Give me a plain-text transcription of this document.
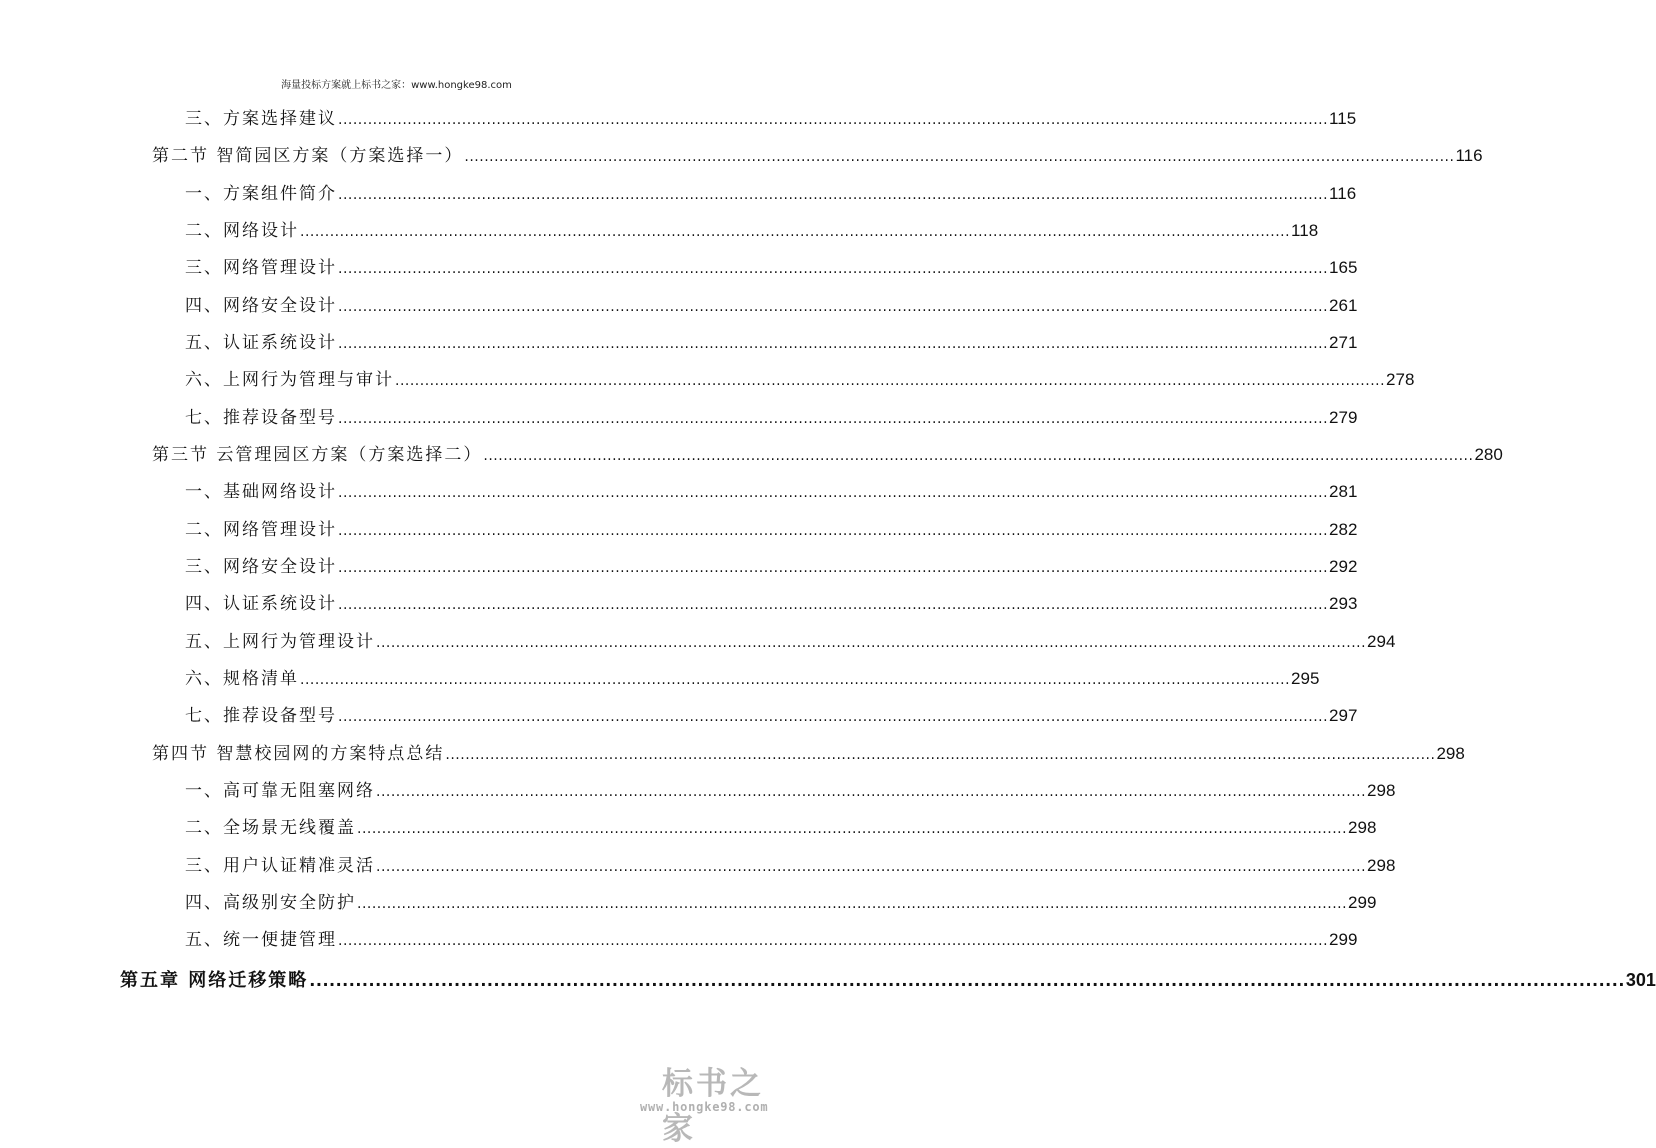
海量投标方案就上标书之家：www.hongke98.com
三、方案选择建议 ........................................................................................................................................................................................................ 115
第二节 智简园区方案（方案选择一） ........................................................................................................................................................................................................ 116
一、方案组件简介 ........................................................................................................................................................................................................ 116
二、网络设计 ........................................................................................................................................................................................................ 118
三、网络管理设计 ........................................................................................................................................................................................................ 165
四、网络安全设计 ........................................................................................................................................................................................................ 261
五、认证系统设计 ........................................................................................................................................................................................................ 271
六、上网行为管理与审计 ........................................................................................................................................................................................................ 278
七、推荐设备型号 ........................................................................................................................................................................................................ 279
第三节 云管理园区方案（方案选择二） ........................................................................................................................................................................................................ 280
一、基础网络设计 ........................................................................................................................................................................................................ 281
二、网络管理设计 ........................................................................................................................................................................................................ 282
三、网络安全设计 ........................................................................................................................................................................................................ 292
四、认证系统设计 ........................................................................................................................................................................................................ 293
五、上网行为管理设计 ........................................................................................................................................................................................................ 294
六、规格清单 ........................................................................................................................................................................................................ 295
七、推荐设备型号 ........................................................................................................................................................................................................ 297
第四节 智慧校园网的方案特点总结 ........................................................................................................................................................................................................ 298
一、高可靠无阻塞网络 ........................................................................................................................................................................................................ 298
二、全场景无线覆盖 ........................................................................................................................................................................................................ 298
三、用户认证精准灵活 ........................................................................................................................................................................................................ 298
四、高级别安全防护 ........................................................................................................................................................................................................ 299
五、统一便捷管理 ........................................................................................................................................................................................................ 299
第五章 网络迁移策略 ........................................................................................................................................................................................................ 301
标书之家
www.hongke98.com
